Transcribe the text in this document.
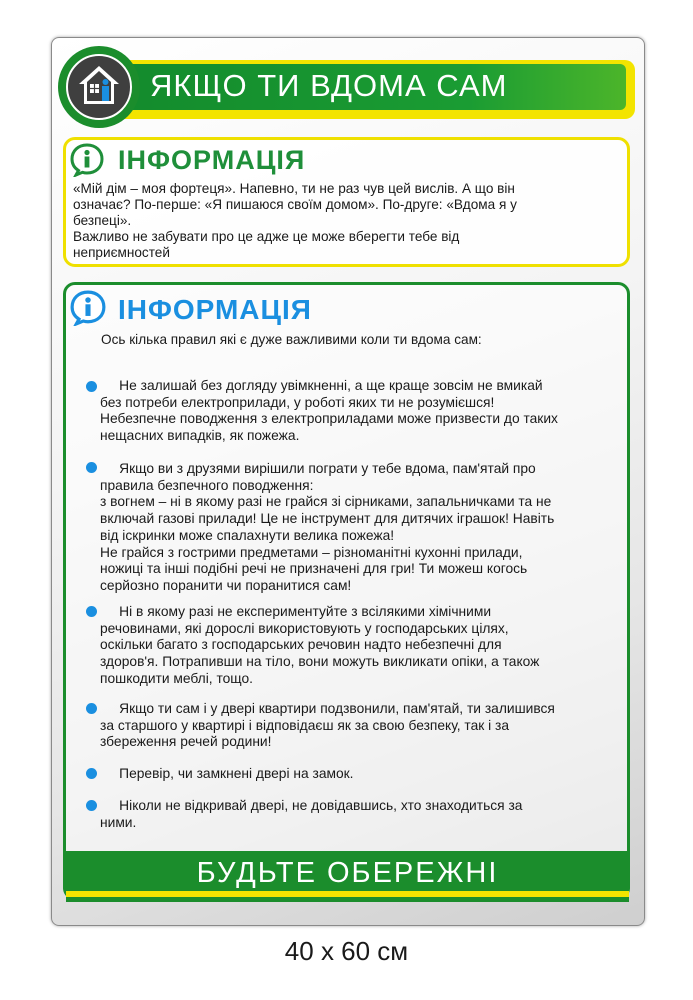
ЯКЩО ТИ ВДОМА САМ
ІНФОРМАЦІЯ

«Мій дім – моя фортеця». Напевно, ти не раз чув цей вислів. А що він

означає? По-перше: «Я пишаюся своїм домом». По-друге: «Вдома я у

безпеці».

Важливо не забувати про це адже це може вберегти тебе від

неприємностей

ІНФОРМАЦІЯ
Ось кілька правил які є дуже важливими коли ти вдома сам:

Не залишай без догляду увімкненні, а ще краще зовсім не вмикай

без потреби електроприлади, у роботі яких ти не розумієшся!

Небезпечне поводження з електроприладами може призвести до таких

нещасних випадків, як пожежа.

Якщо ви з друзями вирішили пограти у тебе вдома, пам'ятай про

правила безпечного поводження:

з вогнем – ні в якому разі не грайся зі сірниками, запальничками та не

включай газові прилади! Це не інструмент для дитячих іграшок! Навіть

від іскринки може спалахнути велика пожежа!

Не грайся з гострими предметами – різноманітні кухонні прилади,

ножиці та інші подібні речі не призначені для гри! Ти можеш когось

серйозно поранити чи поранитися сам!

Ні в якому разі не експериментуйте з всілякими хімічними

речовинами, які дорослі використовують у господарських цілях,

оскільки багато з господарських речовин надто небезпечні для

здоров'я. Потрапивши на тіло, вони можуть викликати опіки, а також

пошкодити меблі, тощо.

Якщо ти сам і у двері квартири подзвонили, пам'ятай, ти залишився

за старшого у квартирі і відповідаєш як за свою безпеку, так і за

збереження речей родини!

Перевір, чи замкнені двері на замок.

Ніколи не відкривай двері, не довідавшись, хто знаходиться за

ними.

БУДЬТЕ ОБЕРЕЖНІ
40 x 60 см
